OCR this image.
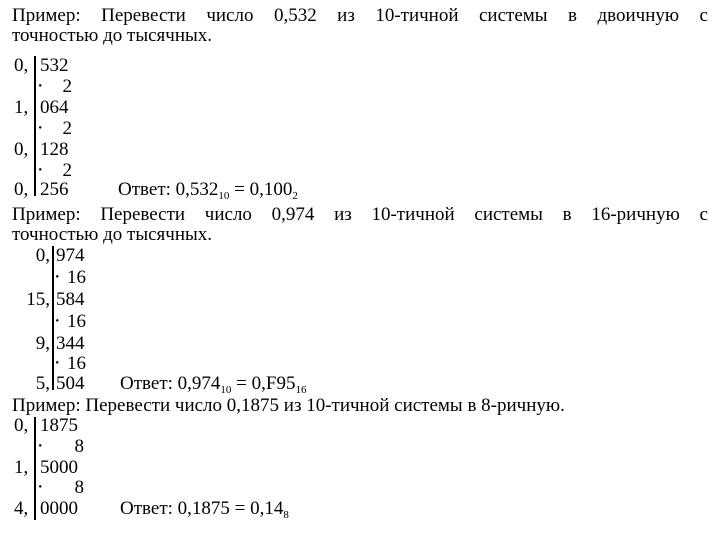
Пример: Перевести число 0,532 из 10-тичной системы в двоичную с
точностью до тысячных.
0, 532
⋅ 2
1, 064
⋅ 2
0, 128
⋅ 2
0, 256	Ответ: $0,532_{10} = 0,100_2$
Пример: Перевести число 0,974 из 10-тичной системы в 16-ричную с
точностью до тысячных.
0, 974
⋅ 16
15, 584
⋅ 16
9, 344
⋅ 16
5, 504 Ответ: $0,974_{10} = 0,F95_{16}$
Пример: Перевести число 0,1875 из 10-тичной системы в 8-ричную.
0, 1875
⋅	8
1, 5000
⋅	8
4, 0000 Ответ: $0,1875 = 0,14_8$
